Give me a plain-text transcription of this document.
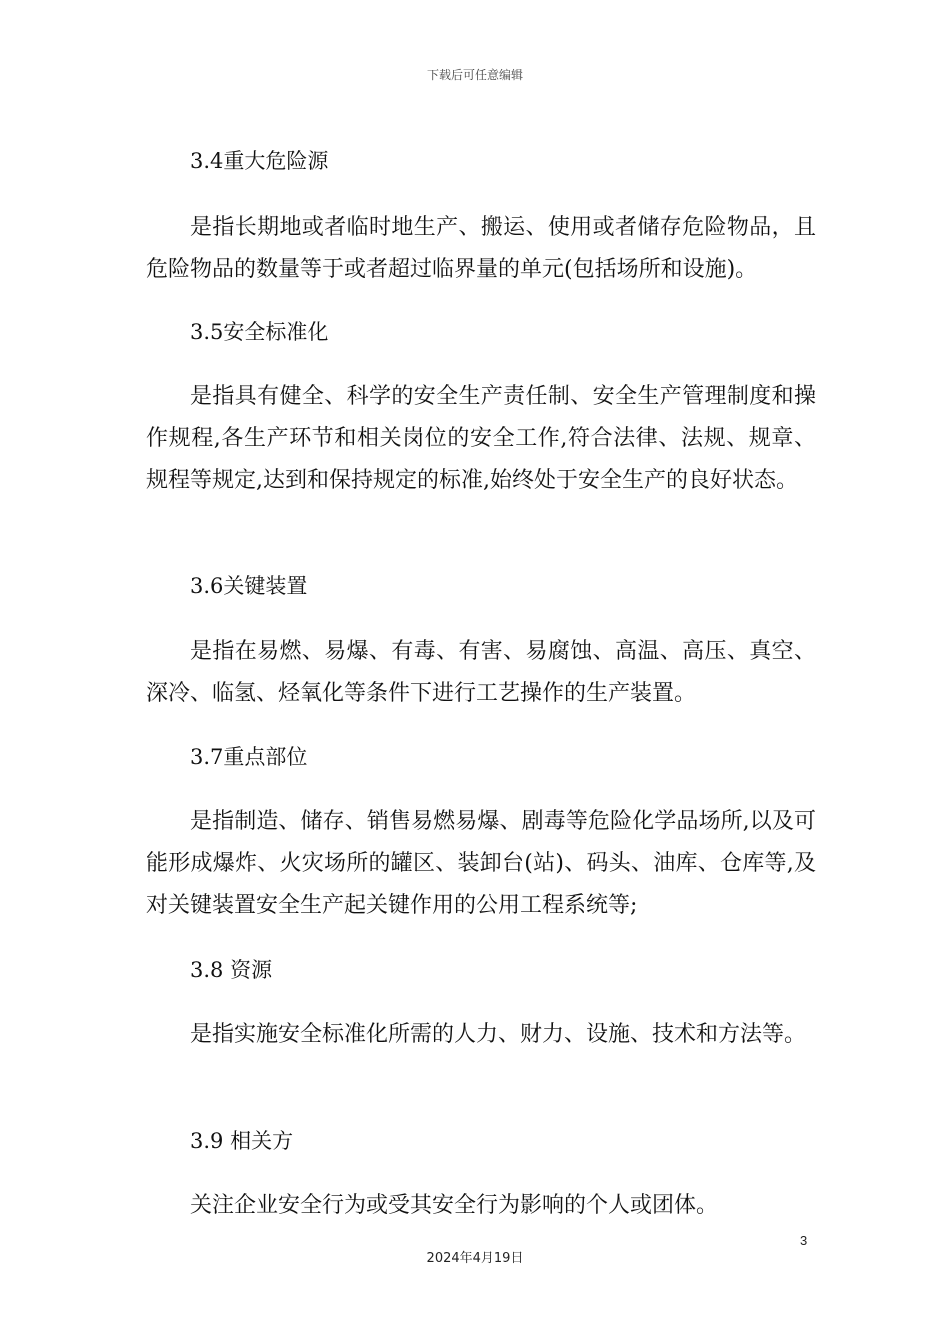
下载后可任意编辑
3.4重大危险源
是指长期地或者临时地生产、搬运、使用或者储存危险物品，且危险物品的数量等于或者超过临界量的单元(包括场所和设施)。
3.5安全标准化
是指具有健全、科学的安全生产责任制、安全生产管理制度和操作规程,各生产环节和相关岗位的安全工作,符合法律、法规、规章、规程等规定,达到和保持规定的标准,始终处于安全生产的良好状态。
3.6关键装置
是指在易燃、易爆、有毒、有害、易腐蚀、高温、高压、真空、深冷、临氢、烃氧化等条件下进行工艺操作的生产装置。
3.7重点部位
是指制造、储存、销售易燃易爆、剧毒等危险化学品场所,以及可能形成爆炸、火灾场所的罐区、装卸台(站)、码头、油库、仓库等,及对关键装置安全生产起关键作用的公用工程系统等;
3.8 资源
是指实施安全标准化所需的人力、财力、设施、技术和方法等。
3.9 相关方
关注企业安全行为或受其安全行为影响的个人或团体。
3
2024年4月19日
